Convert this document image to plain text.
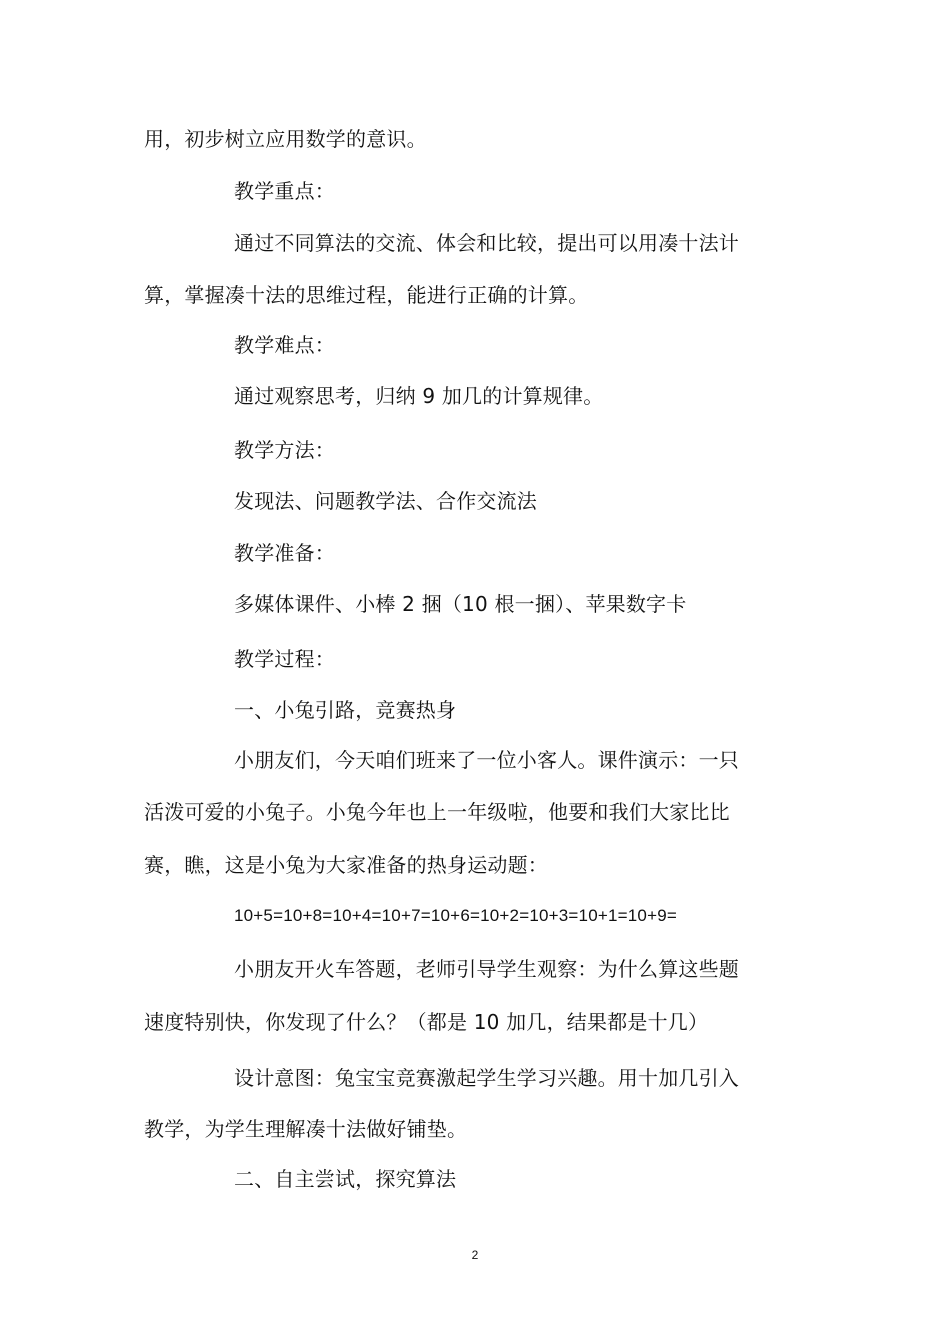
用，初步树立应用数学的意识。
教学重点：
通过不同算法的交流、体会和比较，提出可以用凑十法计
算，掌握凑十法的思维过程，能进行正确的计算。
教学难点：
通过观察思考，归纳 9 加几的计算规律。
教学方法：
发现法、问题教学法、合作交流法
教学准备：
多媒体课件、小棒 2 捆（10 根一捆）、苹果数字卡
教学过程：
一、小兔引路，竞赛热身
小朋友们，今天咱们班来了一位小客人。课件演示：一只
活泼可爱的小兔子。小兔今年也上一年级啦，他要和我们大家比比
赛，瞧，这是小兔为大家准备的热身运动题：
10+5=10+8=10+4=10+7=10+6=10+2=10+3=10+1=10+9=
小朋友开火车答题，老师引导学生观察：为什么算这些题
速度特别快，你发现了什么？（都是 10 加几，结果都是十几）
设计意图：兔宝宝竞赛激起学生学习兴趣。用十加几引入
教学，为学生理解凑十法做好铺垫。
二、自主尝试，探究算法
2
